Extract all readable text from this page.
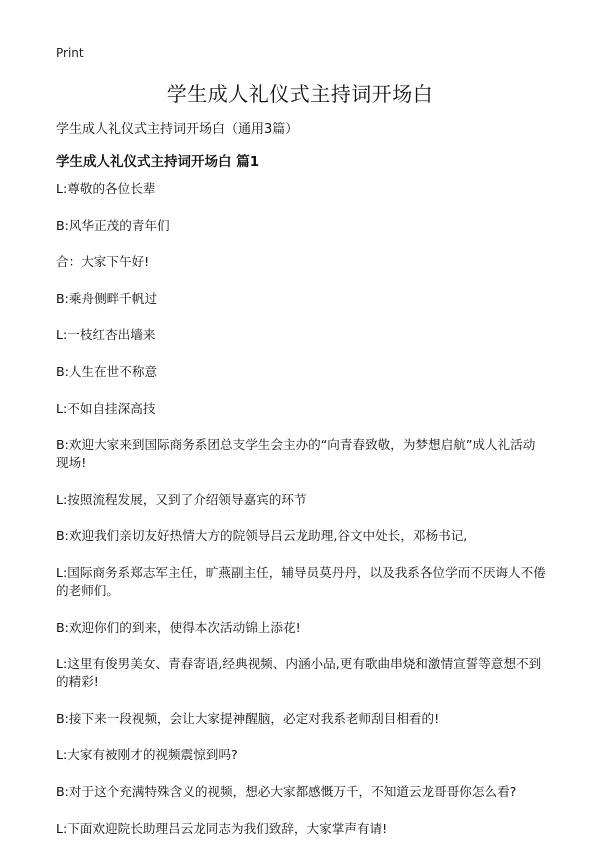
Print
学生成人礼仪式主持词开场白
学生成人礼仪式主持词开场白（通用3篇）
学生成人礼仪式主持词开场白 篇1
L:尊敬的各位长辈
B:风华正茂的青年们
合：大家下午好!
B:乘舟侧畔千帆过
L:一枝红杏出墙来
B:人生在世不称意
L:不如自挂深高技
B:欢迎大家来到国际商务系团总支学生会主办的“向青春致敬，为梦想启航”成人礼活动现场!
L:按照流程发展，又到了介绍领导嘉宾的环节
B:欢迎我们亲切友好热情大方的院领导吕云龙助理,谷文中处长，邓杨书记,
L:国际商务系郑志军主任，旷燕副主任，辅导员莫丹丹，以及我系各位学而不厌诲人不倦的老师们。
B:欢迎你们的到来，使得本次活动锦上添花!
L:这里有俊男美女、青春寄语,经典视频、内涵小品,更有歌曲串烧和激情宣誓等意想不到的精彩!
B:接下来一段视频，会让大家提神醒脑，必定对我系老师刮目相看的!
L:大家有被刚才的视频震惊到吗?
B:对于这个充满特殊含义的视频，想必大家都感慨万千，不知道云龙哥哥你怎么看?
L:下面欢迎院长助理吕云龙同志为我们致辞，大家掌声有请!
